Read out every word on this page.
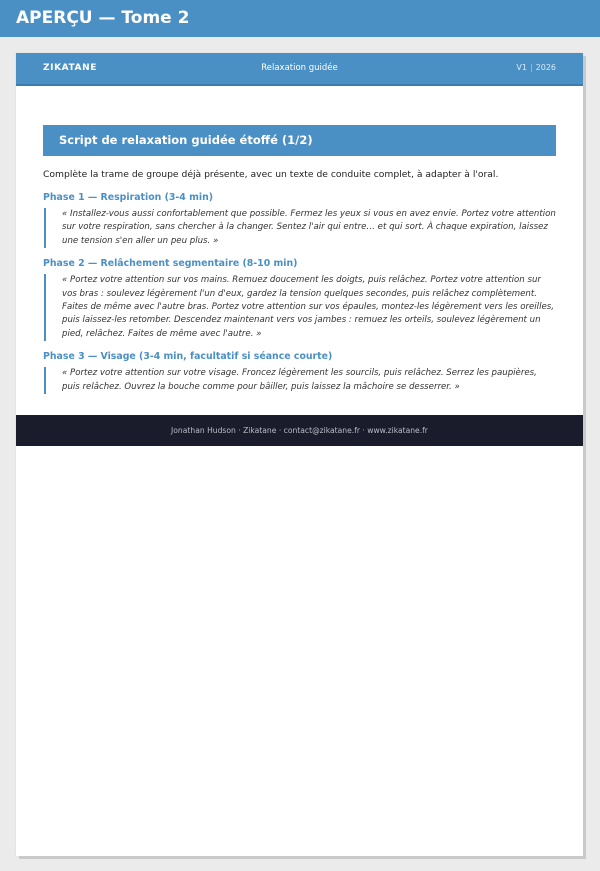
APERÇU — Tome 2
ZIKATANE	Relaxation guidée	V1 | 2026
Script de relaxation guidée étoffé (1/2)

Complète la trame de groupe déjà présente, avec un texte de conduite complet, à adapter à l'oral.

Phase 1 — Respiration (3-4 min)
« Installez-vous aussi confortablement que possible. Fermez les yeux si vous en avez envie. Portez votre attention sur votre respiration, sans chercher à la changer. Sentez l'air qui entre… et qui sort. À chaque expiration, laissez une tension s'en aller un peu plus. »
Phase 2 — Relâchement segmentaire (8-10 min)
« Portez votre attention sur vos mains. Remuez doucement les doigts, puis relâchez. Portez votre attention sur vos bras : soulevez légèrement l'un d'eux, gardez la tension quelques secondes, puis relâchez complètement. Faites de même avec l'autre bras. Portez votre attention sur vos épaules, montez-les légèrement vers les oreilles, puis laissez-les retomber. Descendez maintenant vers vos jambes : remuez les orteils, soulevez légèrement un pied, relâchez. Faites de même avec l'autre. »
Phase 3 — Visage (3-4 min, facultatif si séance courte)
« Portez votre attention sur votre visage. Froncez légèrement les sourcils, puis relâchez. Serrez les paupières, puis relâchez. Ouvrez la bouche comme pour bâiller, puis laissez la mâchoire se desserrer. »
Jonathan Hudson · Zikatane · contact@zikatane.fr · www.zikatane.fr
